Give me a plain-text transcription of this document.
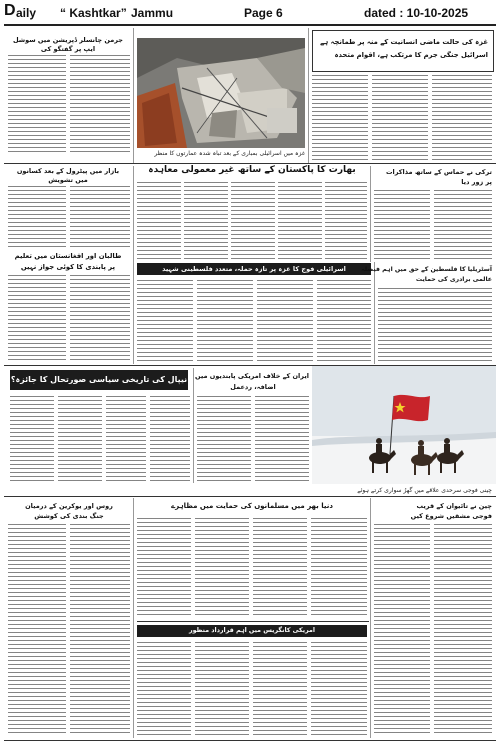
D aily “ Kashtkar” Jammu	Page 6	dated : 10-10-2025
جرمن چانسلر ڈپریشن میں سوشل
ایپ پر گفتگو کی
غزہ میں اسرائیلی بمباری کے بعد تباہ شدہ عمارتوں کا منظر
غزہ کی حالت ماضی انسانیت کے منہ پر طمانچہ ہے
اسرائیل جنگی جرم کا مرتکب ہے، اقوام متحدہ
بازار میں پیٹرول کے بعد کسانوں
میں تشویش
بھارت کا پاکستان کے ساتھ غیر معمولی معاہدہ	ترکی نے حماس کے ساتھ مذاکرات
پر زور دیا
طالبان اور افغانستان میں تعلیم
پر پابندی کا کوئی جواز نہیں	اسرائیلی فوج کا غزہ پر تازہ حملہ، متعدد فلسطینی شہید	آسٹریلیا کا فلسطین کے حق میں اہم فیصلہ
عالمی برادری کی حمایت
نیپال کی تاریخی سیاسی صورتحال کا جائزہ؟ ایران کے خلاف امریکی پابندیوں میں
اضافہ، ردعمل
چینی فوجی سرحدی علاقے میں گھڑ سواری کرتے ہوئے
روس اور یوکرین کے درمیان
جنگ بندی کی کوشش
دنیا بھر میں مسلمانوں کی حمایت میں مظاہرے
امریکی کانگریس میں اہم قرارداد منظور
چین نے تائیوان کے قریب
فوجی مشقیں شروع کیں
